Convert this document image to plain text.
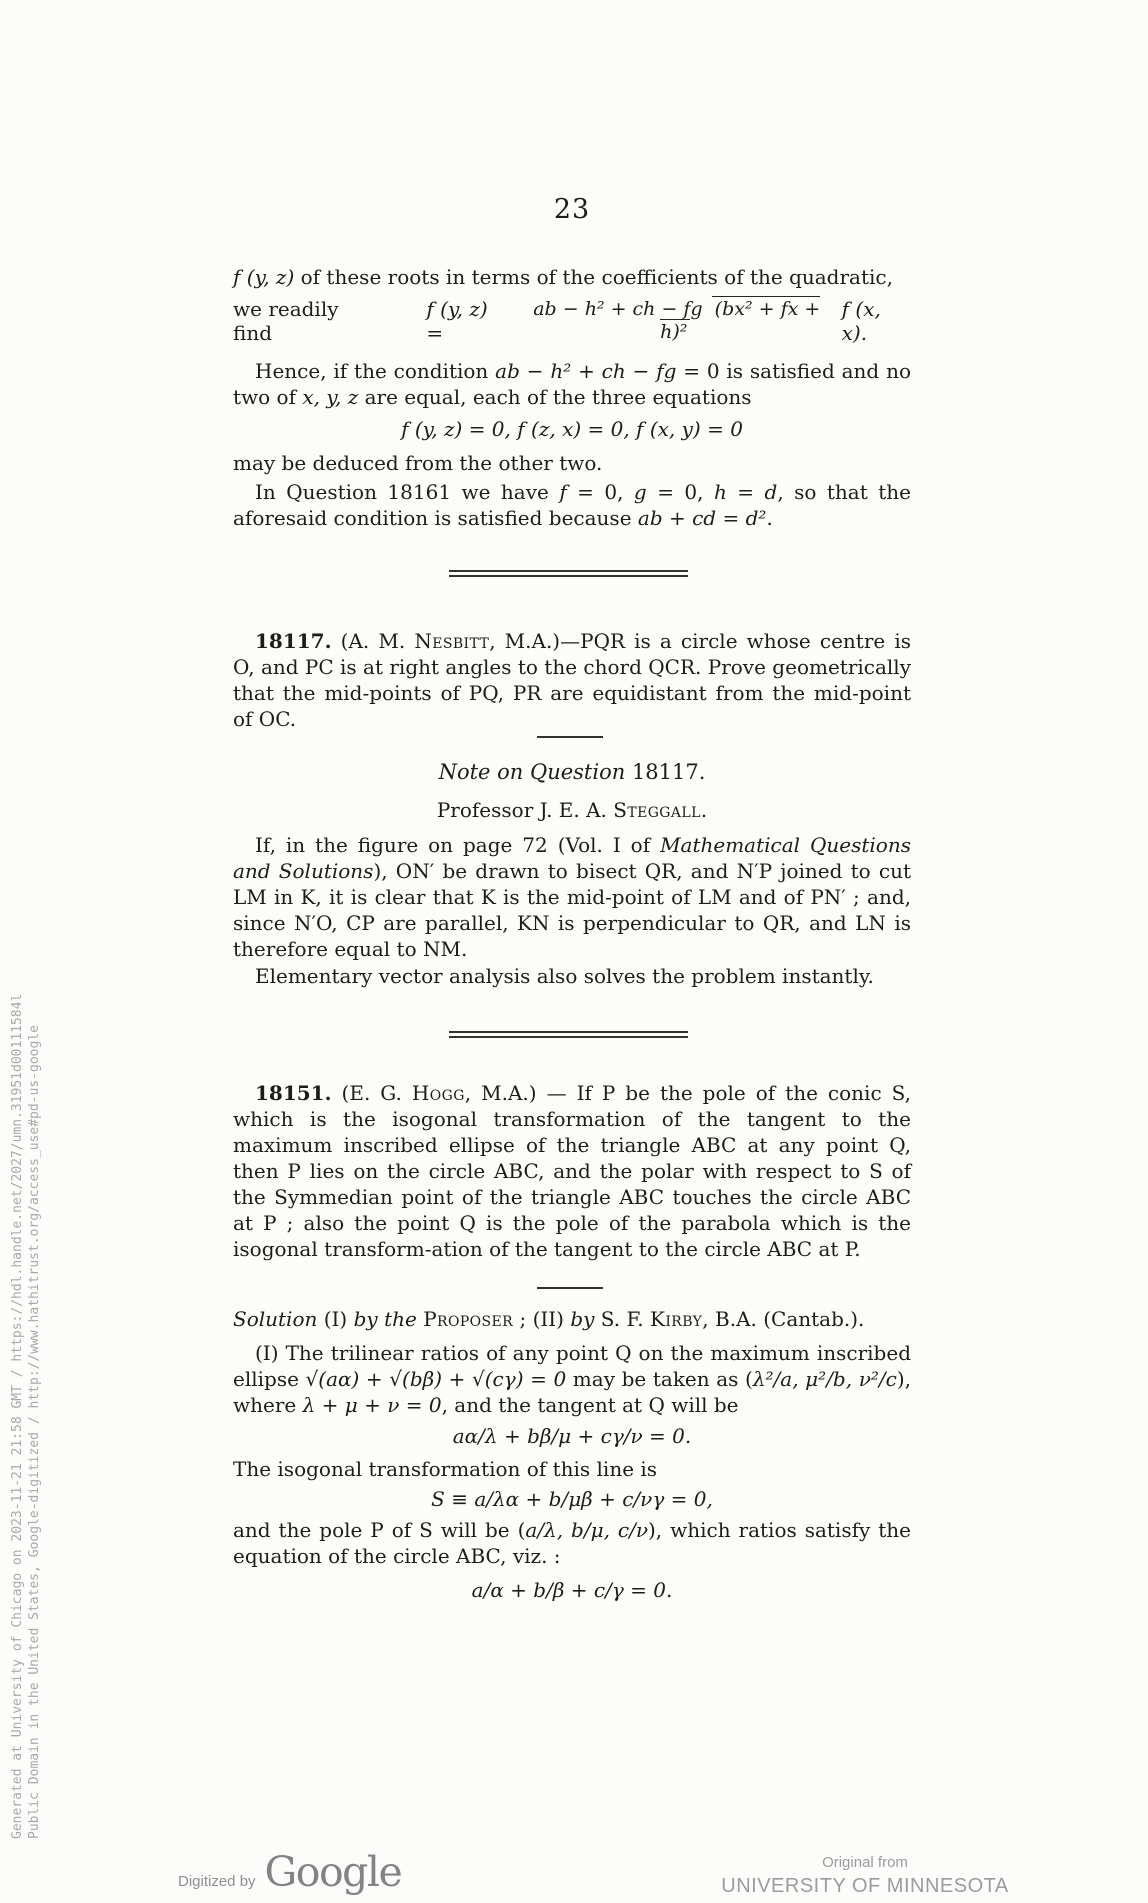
23

f (y, z) of these roots in terms of the coefficients of the quadratic,

we readily find
f (y, z) =
ab − h² + ch − fg (bx² + fx + h)²
f (x, x).

Hence, if the condition ab − h² + ch − fg = 0 is satisfied and no two of x, y, z are equal, each of the three equations

f (y, z) = 0, f (z, x) = 0, f (x, y) = 0

may be deduced from the other two.

In Question 18161 we have f = 0, g = 0, h = d, so that the aforesaid condition is satisfied because ab + cd = d².

18117. (A. M. Nesbitt, M.A.)—PQR is a circle whose centre is O, and PC is at right angles to the chord QCR. Prove geometrically that the mid-points of PQ, PR are equidistant from the mid-point of OC.

Note on Question 18117.
Professor J. E. A. Steggall.

If, in the figure on page 72 (Vol. I of Mathematical Questions and Solutions), ON′ be drawn to bisect QR, and N′P joined to cut LM in K, it is clear that K is the mid-point of LM and of PN′ ; and, since N′O, CP are parallel, KN is perpendicular to QR, and LN is therefore equal to NM.

Elementary vector analysis also solves the problem instantly.

18151. (E. G. Hogg, M.A.) — If P be the pole of the conic S, which is the isogonal transformation of the tangent to the maximum inscribed ellipse of the triangle ABC at any point Q, then P lies on the circle ABC, and the polar with respect to S of the Symmedian point of the triangle ABC touches the circle ABC at P ; also the point Q is the pole of the parabola which is the isogonal transform-ation of the tangent to the circle ABC at P.

Solution (I) by the Proposer ; (II) by S. F. Kirby, B.A. (Cantab.).

(I) The trilinear ratios of any point Q on the maximum inscribed ellipse √(aα) + √(bβ) + √(cγ) = 0 may be taken as (λ²/a, μ²/b, ν²/c), where λ + μ + ν = 0, and the tangent at Q will be

aα/λ + bβ/μ + cγ/ν = 0.

The isogonal transformation of this line is

S ≡ a/λα + b/μβ + c/νγ = 0,

and the pole P of S will be (a/λ, b/μ, c/ν), which ratios satisfy the equation of the circle ABC, viz. :

a/α + b/β + c/γ = 0.
Generated at University of Chicago on 2023-11-21 21:58 GMT / https://hdl.handle.net/2027/umn.31951d00111584l Public Domain in the United States, Google-digitized / http://www.hathitrust.org/access_use#pd-us-google
Digitized by Google	Original from
UNIVERSITY OF MINNESOTA
